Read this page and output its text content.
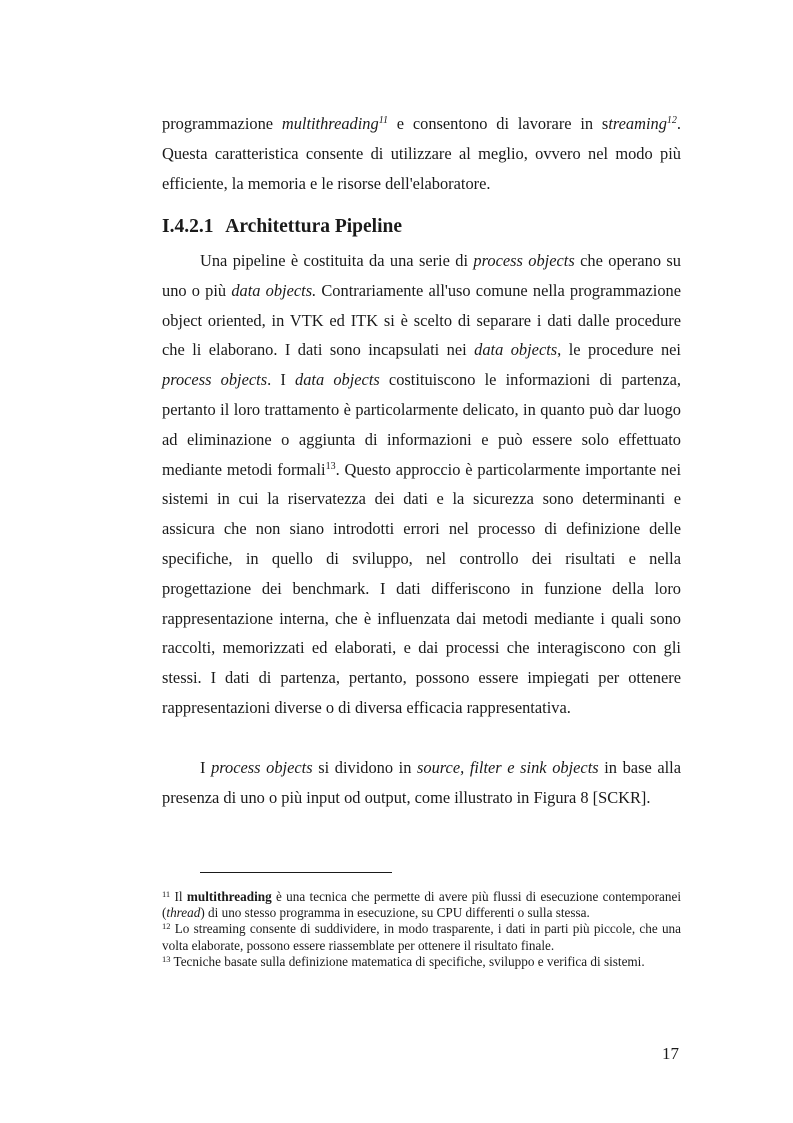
programmazione multithreading$^{11}$ e consentono di lavorare in streaming$^{12}$. Questa caratteristica consente di utilizzare al meglio, ovvero nel modo più efficiente, la memoria e le risorse dell'elaboratore.

I.4.2.1 Architettura Pipeline

Una pipeline è costituita da una serie di process objects che operano su uno o più data objects. Contrariamente all'uso comune nella programmazione object oriented, in VTK ed ITK si è scelto di separare i dati dalle procedure che li elaborano. I dati sono incapsulati nei data objects, le procedure nei process objects. I data objects costituiscono le informazioni di partenza, pertanto il loro trattamento è particolarmente delicato, in quanto può dar luogo ad eliminazione o aggiunta di informazioni e può essere solo effettuato mediante metodi formali$^{13}$. Questo approccio è particolarmente importante nei sistemi in cui la riservatezza dei dati e la sicurezza sono determinanti e assicura che non siano introdotti errori nel processo di definizione delle specifiche, in quello di sviluppo, nel controllo dei risultati e nella progettazione dei benchmark. I dati differiscono in funzione della loro rappresentazione interna, che è influenzata dai metodi mediante i quali sono raccolti, memorizzati ed elaborati, e dai processi che interagiscono con gli stessi. I dati di partenza, pertanto, possono essere impiegati per ottenere rappresentazioni diverse o di diversa efficacia rappresentativa.

I process objects si dividono in source, filter e sink objects in base alla presenza di uno o più input od output, come illustrato in Figura 8 [SCKR].

$^{11}$ Il multithreading è una tecnica che permette di avere più flussi di esecuzione contemporanei (thread) di uno stesso programma in esecuzione, su CPU differenti o sulla stessa.

$^{12}$ Lo streaming consente di suddividere, in modo trasparente, i dati in parti più piccole, che una volta elaborate, possono essere riassemblate per ottenere il risultato finale.

$^{13}$ Tecniche basate sulla definizione matematica di specifiche, sviluppo e verifica di sistemi.

17
